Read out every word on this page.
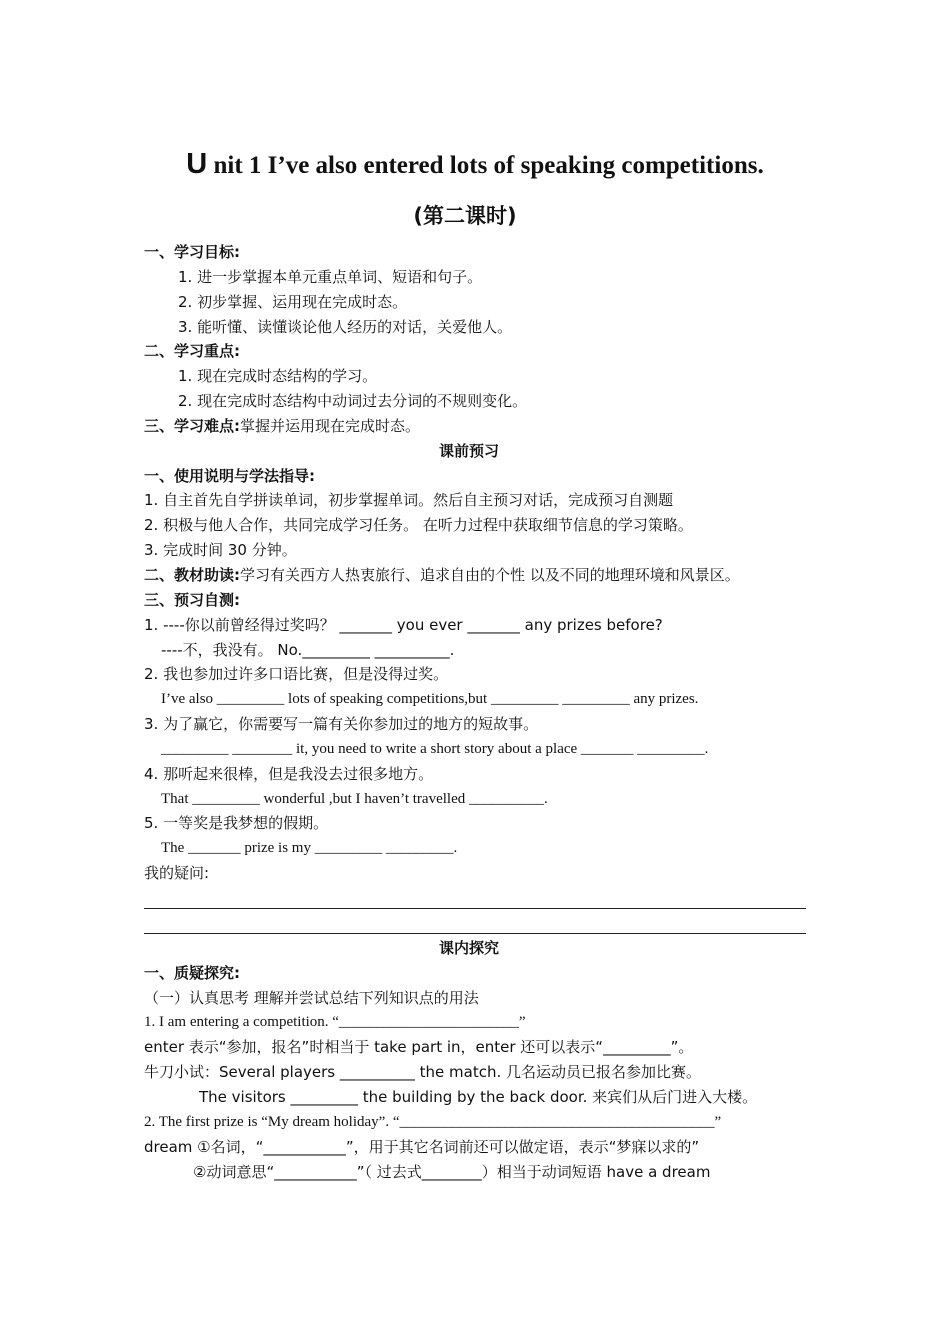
U nit 1 I’ve also entered lots of speaking competitions.
(第二课时)
一、学习目标:
1. 进一步掌握本单元重点单词、短语和句子。
2. 初步掌握、运用现在完成时态。
3. 能听懂、读懂谈论他人经历的对话，关爱他人。
二、学习重点:
1. 现在完成时态结构的学习。
2. 现在完成时态结构中动词过去分词的不规则变化。
三、学习难点:掌握并运用现在完成时态。
课前预习
一、使用说明与学法指导:
1. 自主首先自学拼读单词，初步掌握单词。然后自主预习对话，完成预习自测题
2. 积极与他人合作，共同完成学习任务。 在听力过程中获取细节信息的学习策略。
3. 完成时间 30 分钟。
二、教材助读:学习有关西方人热衷旅行、追求自由的个性 以及不同的地理环境和风景区。
三、预习自测:
1. ----你以前曾经得过奖吗？ _______ you ever _______ any prizes before?
----不，我没有。 No._________ __________.
2. 我也参加过许多口语比赛，但是没得过奖。
I’ve also _________ lots of speaking competitions,but _________ _________ any prizes.
3. 为了赢它，你需要写一篇有关你参加过的地方的短故事。
_________ ________ it, you need to write a short story about a place _______ _________.
4. 那听起来很棒，但是我没去过很多地方。
That _________ wonderful ,but I haven’t travelled __________.
5. 一等奖是我梦想的假期。
The _______ prize is my _________ _________.
我的疑问:
课内探究
一、质疑探究:
（一）认真思考 理解并尝试总结下列知识点的用法
1. I am entering a competition. “________________________”
enter 表示“参加，报名”时相当于 take part in，enter 还可以表示“_________”。
牛刀小试：Several players __________ the match. 几名运动员已报名参加比赛。
The visitors _________ the building by the back door. 来宾们从后门进入大楼。
2. The first prize is “My dream holiday”. “__________________________________________”
dream ①名词，“___________”，用于其它名词前还可以做定语，表示“梦寐以求的”
②动词意思“___________”（ 过去式________）相当于动词短语 have a dream
